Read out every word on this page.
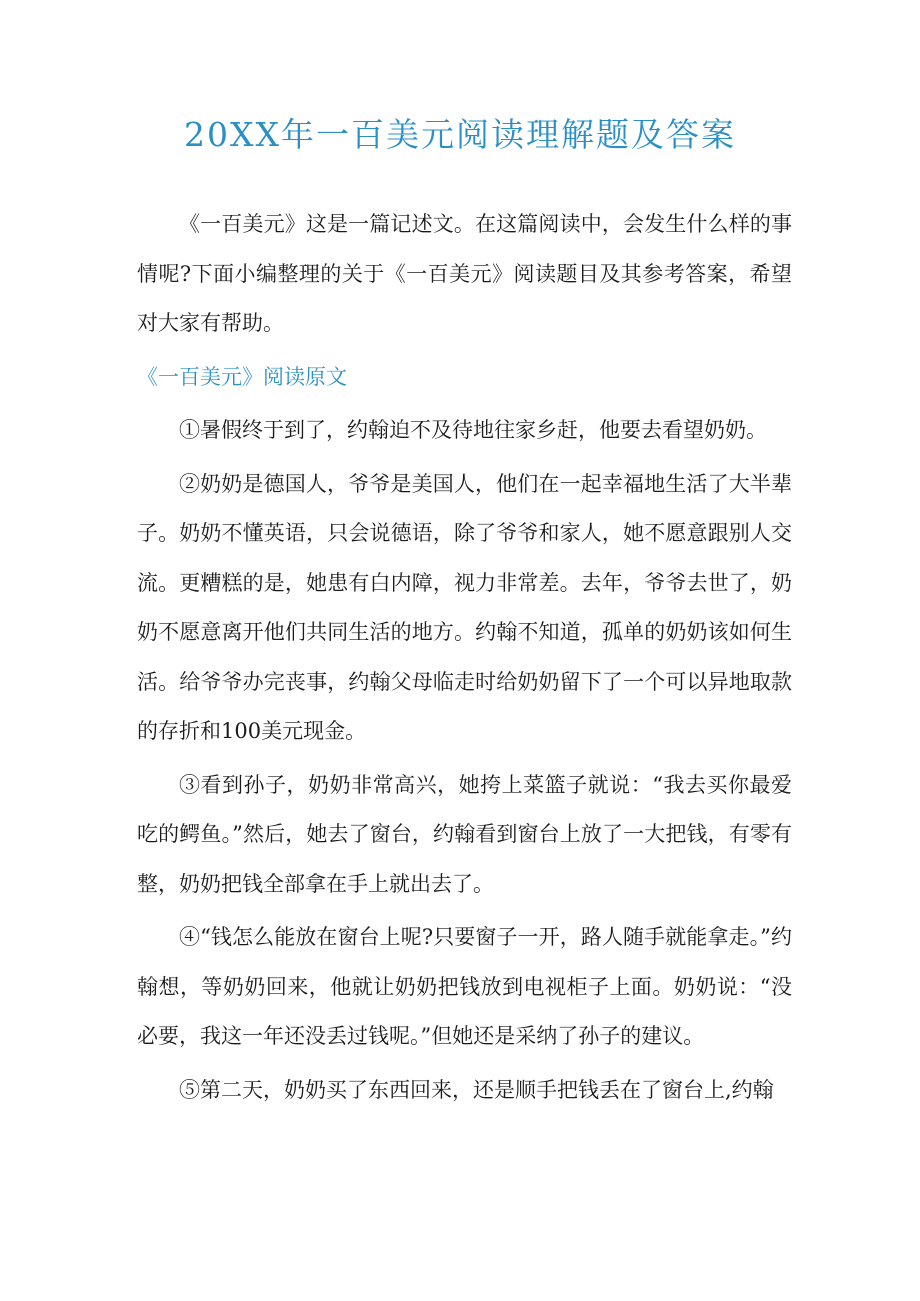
20XX年一百美元阅读理解题及答案

《一百美元》这是一篇记述文。在这篇阅读中，会发生什么样的事情呢?下面小编整理的关于《一百美元》阅读题目及其参考答案，希望对大家有帮助。

《一百美元》阅读原文

①暑假终于到了，约翰迫不及待地往家乡赶，他要去看望奶奶。

②奶奶是德国人，爷爷是美国人，他们在一起幸福地生活了大半辈子。奶奶不懂英语，只会说德语，除了爷爷和家人，她不愿意跟别人交流。更糟糕的是，她患有白内障，视力非常差。去年，爷爷去世了，奶奶不愿意离开他们共同生活的地方。约翰不知道，孤单的奶奶该如何生活。给爷爷办完丧事，约翰父母临走时给奶奶留下了一个可以异地取款的存折和100美元现金。

③看到孙子，奶奶非常高兴，她挎上菜篮子就说：“我去买你最爱吃的鳄鱼。”然后，她去了窗台，约翰看到窗台上放了一大把钱，有零有整，奶奶把钱全部拿在手上就出去了。

④“钱怎么能放在窗台上呢?只要窗子一开，路人随手就能拿走。”约翰想，等奶奶回来，他就让奶奶把钱放到电视柜子上面。奶奶说：“没必要，我这一年还没丢过钱呢。”但她还是采纳了孙子的建议。

⑤第二天，奶奶买了东西回来，还是顺手把钱丢在了窗台上,约翰
